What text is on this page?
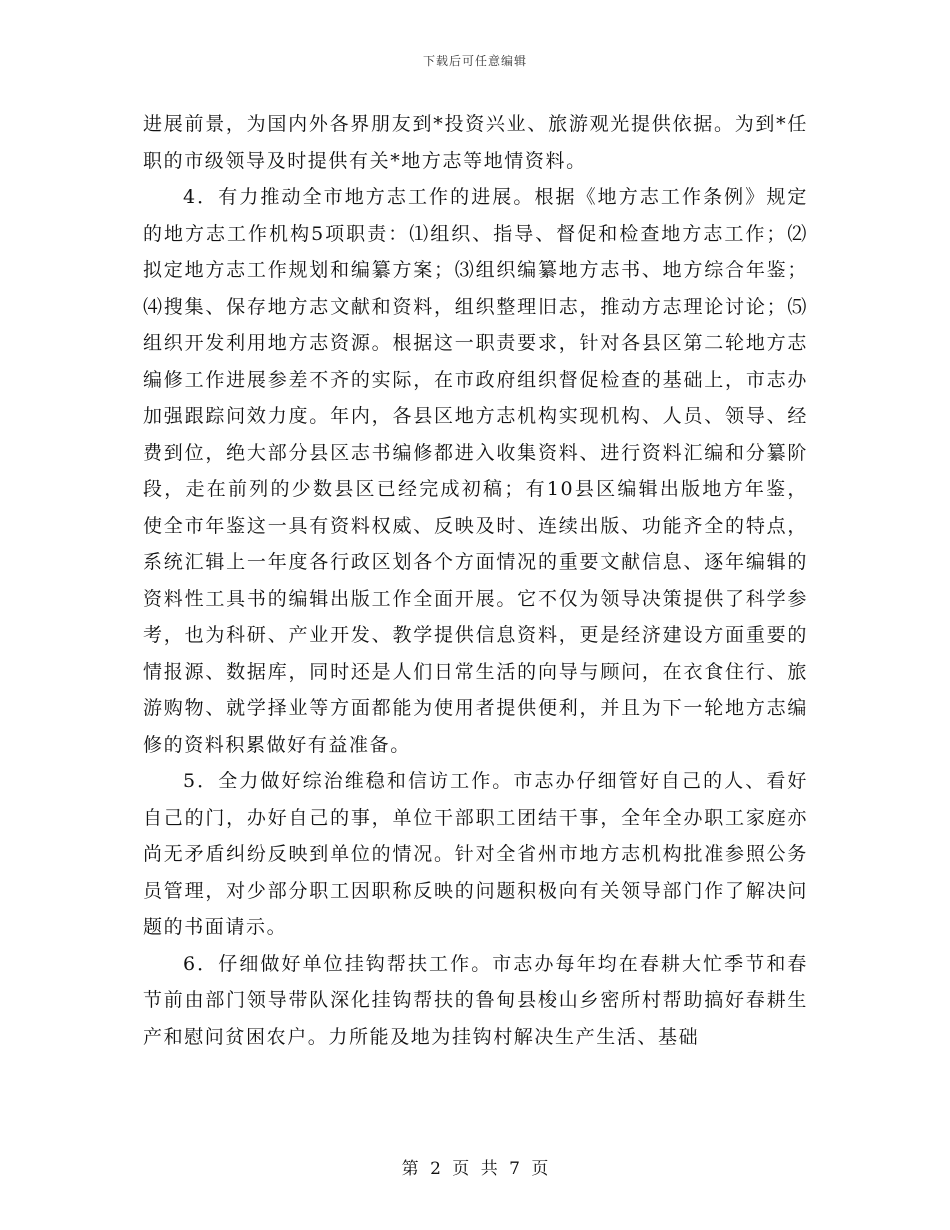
下载后可任意编辑

进展前景，为国内外各界朋友到*投资兴业、旅游观光提供依据。为到*任职的市级领导及时提供有关*地方志等地情资料。

4．有力推动全市地方志工作的进展。根据《地方志工作条例》规定的地方志工作机构5项职责：⑴组织、指导、督促和检查地方志工作；⑵拟定地方志工作规划和编纂方案；⑶组织编纂地方志书、地方综合年鉴；⑷搜集、保存地方志文献和资料，组织整理旧志，推动方志理论讨论；⑸组织开发利用地方志资源。根据这一职责要求，针对各县区第二轮地方志编修工作进展参差不齐的实际，在市政府组织督促检查的基础上，市志办加强跟踪问效力度。年内，各县区地方志机构实现机构、人员、领导、经费到位，绝大部分县区志书编修都进入收集资料、进行资料汇编和分纂阶段，走在前列的少数县区已经完成初稿；有10县区编辑出版地方年鉴，使全市年鉴这一具有资料权威、反映及时、连续出版、功能齐全的特点，系统汇辑上一年度各行政区划各个方面情况的重要文献信息、逐年编辑的资料性工具书的编辑出版工作全面开展。它不仅为领导决策提供了科学参考，也为科研、产业开发、教学提供信息资料，更是经济建设方面重要的情报源、数据库，同时还是人们日常生活的向导与顾问，在衣食住行、旅游购物、就学择业等方面都能为使用者提供便利，并且为下一轮地方志编修的资料积累做好有益准备。

5．全力做好综治维稳和信访工作。市志办仔细管好自己的人、看好自己的门，办好自己的事，单位干部职工团结干事，全年全办职工家庭亦尚无矛盾纠纷反映到单位的情况。针对全省州市地方志机构批准参照公务员管理，对少部分职工因职称反映的问题积极向有关领导部门作了解决问题的书面请示。

6．仔细做好单位挂钩帮扶工作。市志办每年均在春耕大忙季节和春节前由部门领导带队深化挂钩帮扶的鲁甸县梭山乡密所村帮助搞好春耕生产和慰问贫困农户。力所能及地为挂钩村解决生产生活、基础

第 2 页 共 7 页
